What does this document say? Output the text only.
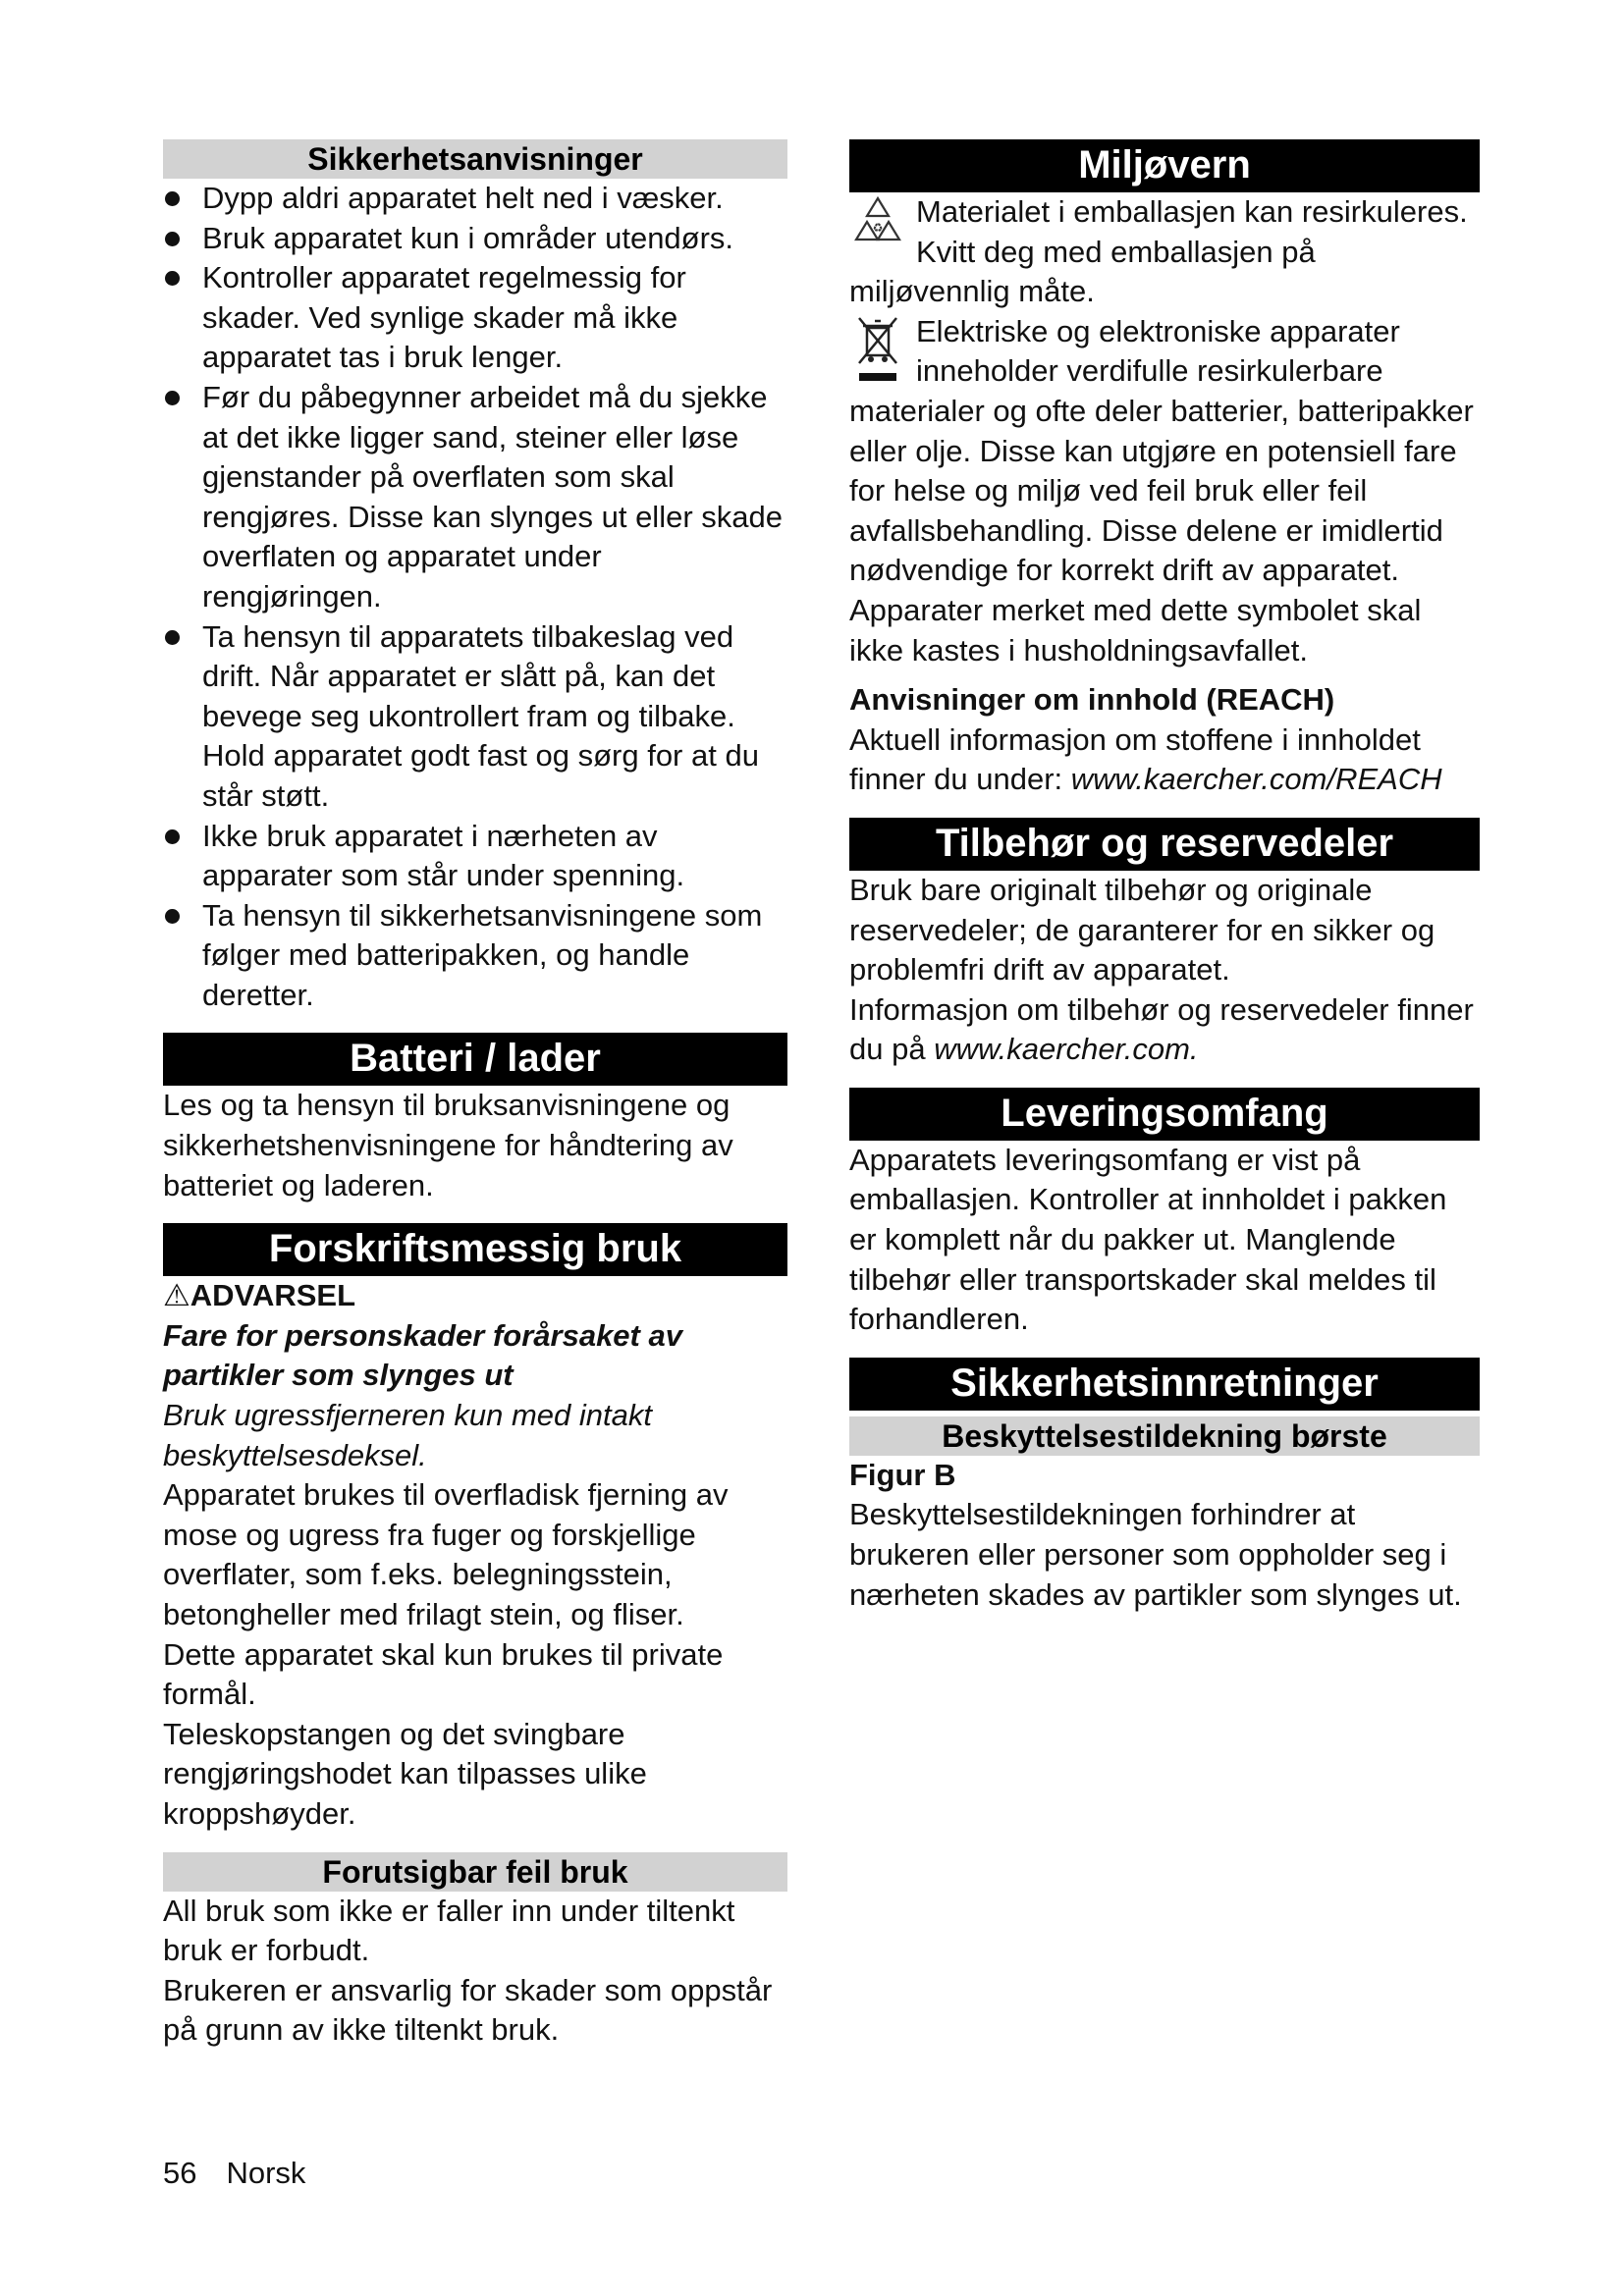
Sikkerhetsanvisninger
Dypp aldri apparatet helt ned i væsker.
Bruk apparatet kun i områder utendørs.
Kontroller apparatet regelmessig for skader. Ved synlige skader må ikke apparatet tas i bruk lenger.
Før du påbegynner arbeidet må du sjekke at det ikke ligger sand, steiner eller løse gjenstander på overflaten som skal rengjøres. Disse kan slynges ut eller skade overflaten og apparatet under rengjøringen.
Ta hensyn til apparatets tilbakeslag ved drift. Når apparatet er slått på, kan det bevege seg ukontrollert fram og tilbake. Hold apparatet godt fast og sørg for at du står støtt.
Ikke bruk apparatet i nærheten av apparater som står under spenning.
Ta hensyn til sikkerhetsanvisningene som følger med batteripakken, og handle deretter.
Batteri / lader

Les og ta hensyn til bruksanvisningene og sikkerhetshenvisningene for håndtering av batteriet og laderen.

Forskriftsmessig bruk

⚠ADVARSEL

Fare for personskader forårsaket av partikler som slynges ut

Bruk ugressfjerneren kun med intakt beskyttelsesdeksel.

Apparatet brukes til overfladisk fjerning av mose og ugress fra fuger og forskjellige overflater, som f.eks. belegningsstein, betongheller med frilagt stein, og fliser.

Dette apparatet skal kun brukes til private formål.

Teleskopstangen og det svingbare rengjøringshodet kan tilpasses ulike kroppshøyder.

Forutsigbar feil bruk

All bruk som ikke er faller inn under tiltenkt bruk er forbudt.

Brukeren er ansvarlig for skader som oppstår på grunn av ikke tiltenkt bruk.

Miljøvern
♻	Materialet i emballasjen kan resirkuleres. Kvitt deg med emballasjen på miljøvennlig måte.

Elektriske og elektroniske apparater inneholder verdifulle resirkulerbare materialer og ofte deler batterier, batteripakker eller olje. Disse kan utgjøre en potensiell fare for helse og miljø ved feil bruk eller feil avfallsbehandling. Disse delene er imidlertid nødvendige for korrekt drift av apparatet. Apparater merket med dette symbolet skal ikke kastes i husholdningsavfallet.

Anvisninger om innhold (REACH)

Aktuell informasjon om stoffene i innholdet finner du under: www.kaercher.com/REACH

Tilbehør og reservedeler

Bruk bare originalt tilbehør og originale reservedeler; de garanterer for en sikker og problemfri drift av apparatet.

Informasjon om tilbehør og reservedeler finner du på www.kaercher.com.

Leveringsomfang

Apparatets leveringsomfang er vist på emballasjen. Kontroller at innholdet i pakken er komplett når du pakker ut. Manglende tilbehør eller transportskader skal meldes til forhandleren.

Sikkerhetsinnretninger
Beskyttelsestildekning børste

Figur B

Beskyttelsestildekningen forhindrer at brukeren eller personer som oppholder seg i nærheten skades av partikler som slynges ut.

56 Norsk
